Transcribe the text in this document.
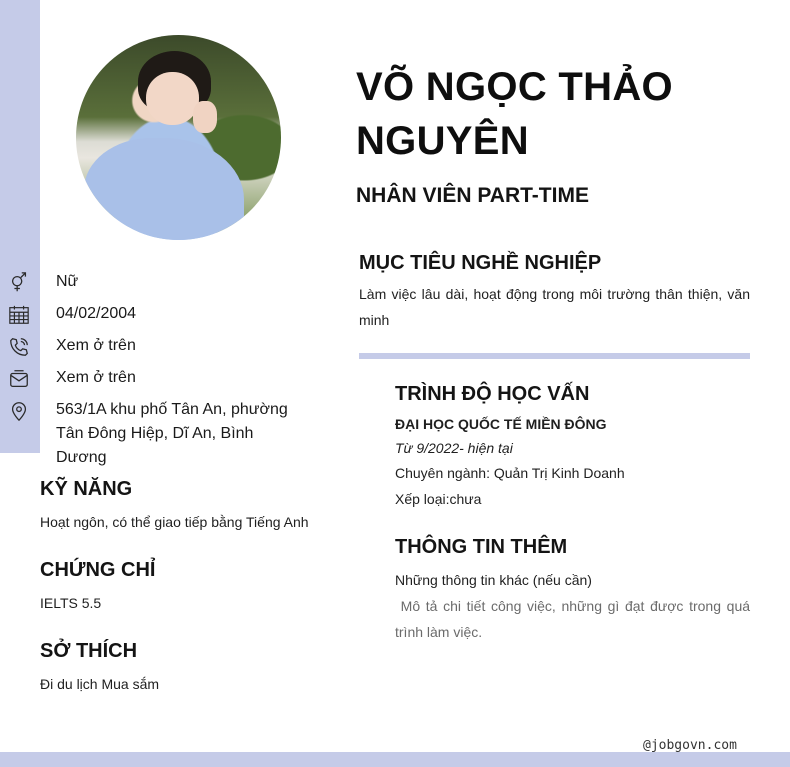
Nữ
04/02/2004
Xem ở trên
Xem ở trên
563/1A khu phố Tân An, phường Tân Đông Hiệp, Dĩ An, Bình Dương
KỸ NĂNG
Hoạt ngôn, có thể giao tiếp bằng Tiếng Anh
CHỨNG CHỈ
IELTS 5.5
SỞ THÍCH
Đi du lịch Mua sắm
VÕ NGỌC THẢO NGUYÊN
NHÂN VIÊN PART-TIME
MỤC TIÊU NGHỀ NGHIỆP
Làm việc lâu dài, hoạt động trong môi trường thân thiện, văn minh
TRÌNH ĐỘ HỌC VẤN
ĐẠI HỌC QUỐC TẾ MIỀN ĐÔNG
Từ 9/2022- hiện tại
Chuyên ngành: Quản Trị Kinh Doanh
Xếp loại:chưa
THÔNG TIN THÊM
Những thông tin khác (nếu cần)
Mô tả chi tiết công việc, những gì đạt được trong quá trình làm việc.
@jobgovn.com
